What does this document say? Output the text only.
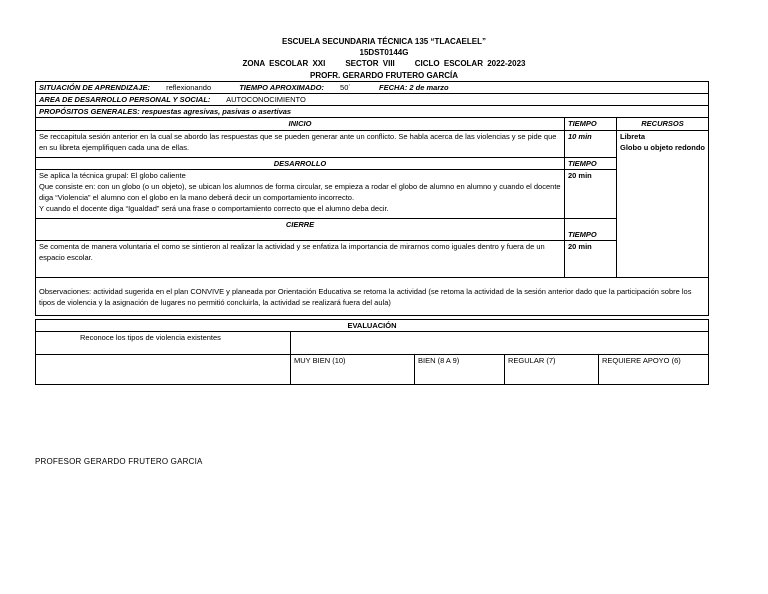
ESCUELA SECUNDARIA TÉCNICA 135 “TLACAELEL”
15DST0144G
ZONA ESCOLAR XXI	SECTOR VIII	CICLO ESCOLAR 2022-2023
PROFR. GERARDO FRUTERO GARCÍA
SITUACIÓN DE APRENDIZAJE: reflexionando TIEMPO APROXIMADO: 50´ FECHA: 2 de marzo		
AREA DE DESARROLLO PERSONAL Y SOCIAL: AUTOCONOCIMIENTO		
PROPÓSITOS GENERALES: respuestas agresivas, pasivas o asertivas		
INICIO	TIEMPO	RECURSOS
Se reccapitula sesión anterior en la cual se abordo las respuestas que se pueden generar ante un conflicto. Se habla acerca de las violencias y se pide que en su libreta ejemplifiquen cada una de ellas.	10 min	Libreta
Globo u objeto redondo

DESARROLLO	TIEMPO	

Se aplica la técnica grupal: El globo caliente
Que consiste en: con un globo (o un objeto), se ubican los alumnos de forma circular, se empieza a rodar el globo de alumno en alumno y cuando el docente diga “Violencia” el alumno con el globo en la mano deberá decir un comportamiento incorrecto.
Y cuando el docente diga “Igualdad” será una frase o comportamiento correcto que el alumno deba decir.	20 min	
CIERRE	TIEMPO	
Se comenta de manera voluntaria el como se sintieron al realizar la actividad y se enfatiza la importancia de mirarnos como iguales dentro y fuera de un espacio escolar.	20 min	
Observaciones: actividad sugerida en el plan CONVIVE y planeada por Orientación Educativa se retoma la actividad (se retoma la actividad de la sesión anterior dado que la participación sobre los tipos de violencia y la asignación de lugares no permitió concluirla, la actividad se realizará fuera del aula)		
EVALUACIÓN				
Reconoce los tipos de violencia existentes				
	MUY BIEN (10)	BIEN (8 A 9)	REGULAR (7)	REQUIERE APOYO (6)
PROFESOR GERARDO FRUTERO GARCIA
